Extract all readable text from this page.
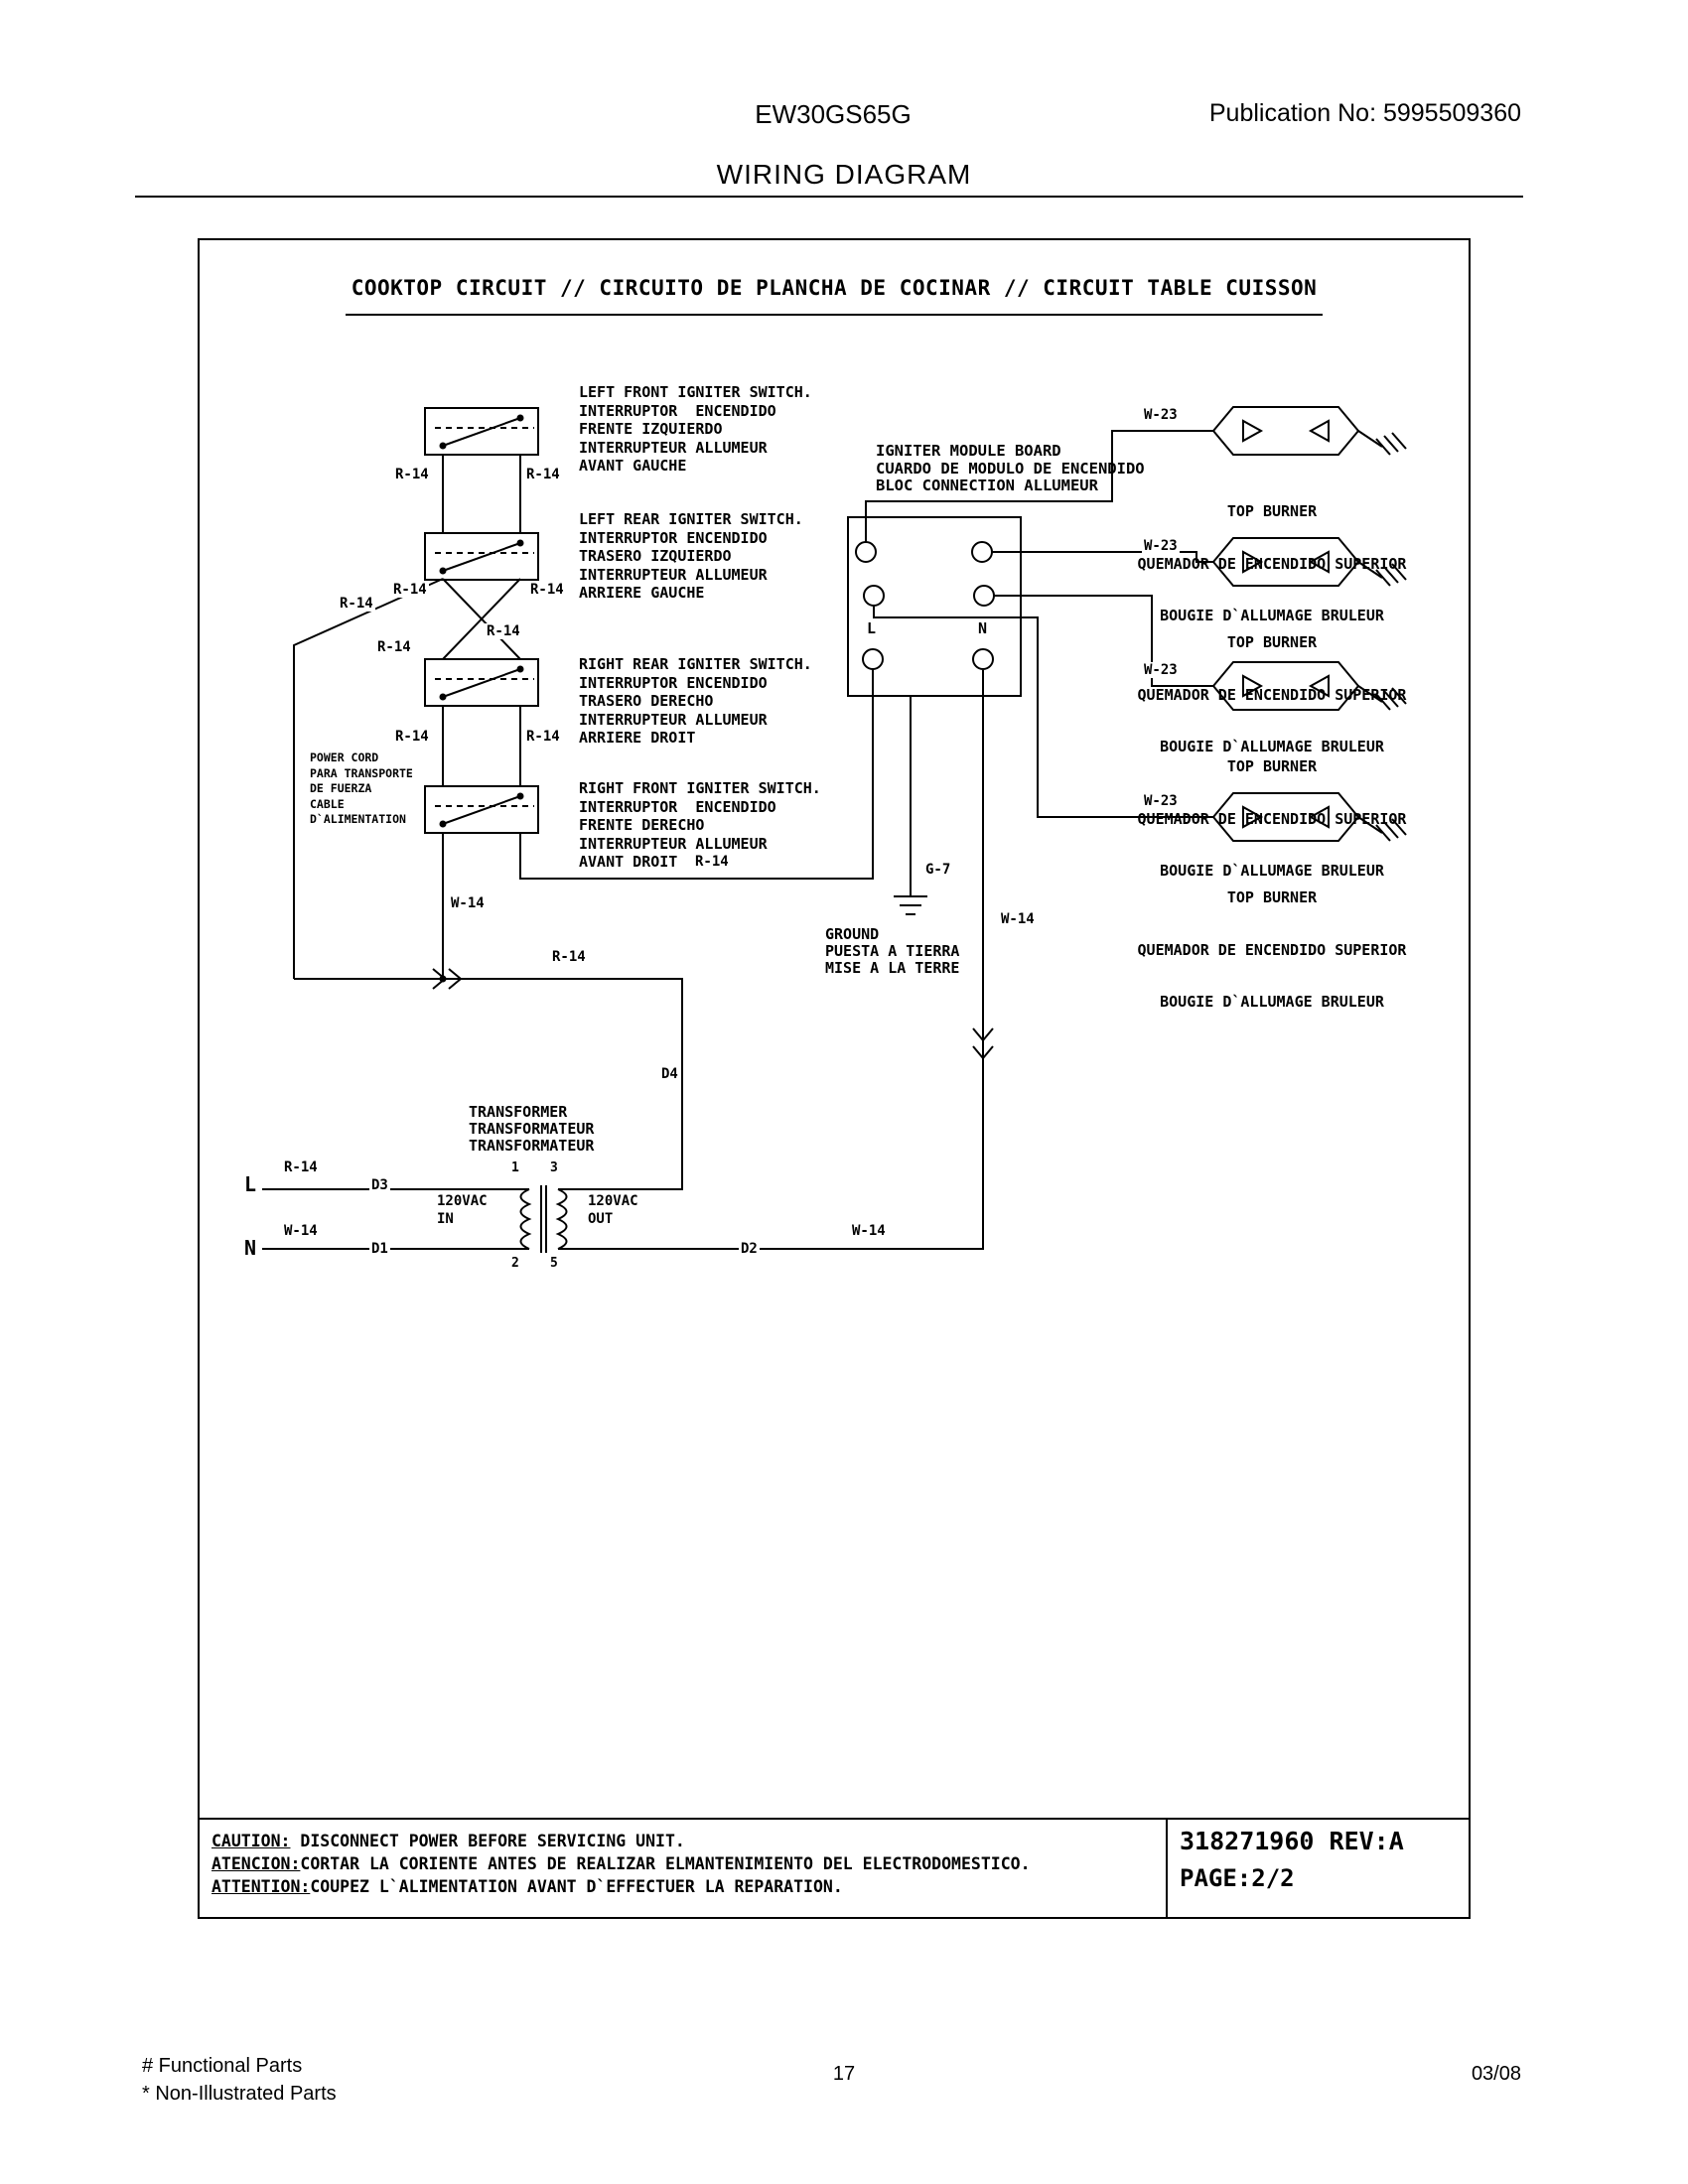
EW30GS65G	Publication No: 5995509360
WIRING DIAGRAM
COOKTOP CIRCUIT // CIRCUITO DE PLANCHA DE COCINAR // CIRCUIT TABLE CUISSON
LEFT FRONT IGNITER SWITCH.
INTERRUPTOR  ENCENDIDO
FRENTE IZQUIERDO
INTERRUPTEUR ALLUMEUR
AVANT GAUCHE
LEFT REAR IGNITER SWITCH.
INTERRUPTOR ENCENDIDO
TRASERO IZQUIERDO
INTERRUPTEUR ALLUMEUR
ARRIERE GAUCHE
RIGHT REAR IGNITER SWITCH.
INTERRUPTOR ENCENDIDO
TRASERO DERECHO
INTERRUPTEUR ALLUMEUR
ARRIERE DROIT
RIGHT FRONT IGNITER SWITCH.
INTERRUPTOR  ENCENDIDO
FRENTE DERECHO
INTERRUPTEUR ALLUMEUR
AVANT DROIT
POWER CORD
PARA TRANSPORTE
DE FUERZA
CABLE
D`ALIMENTATION
IGNITER MODULE BOARD
CUARDO DE MODULO DE ENCENDIDO
BLOC CONNECTION ALLUMEUR
L	N
W-23
W-23
W-23
W-23

TOP BURNER

QUEMADOR DE ENCENDIDO SUPERIOR

BOUGIE D`ALLUMAGE BRULEUR

TOP BURNER

QUEMADOR DE ENCENDIDO SUPERIOR

BOUGIE D`ALLUMAGE BRULEUR

TOP BURNER

QUEMADOR DE ENCENDIDO SUPERIOR

BOUGIE D`ALLUMAGE BRULEUR

TOP BURNER

QUEMADOR DE ENCENDIDO SUPERIOR

BOUGIE D`ALLUMAGE BRULEUR

G-7
GROUND
PUESTA A TIERRA
MISE A LA TERRE
R-14	R-14
R-14	R-14
R-14
R-14
R-14
R-14	R-14
R-14
R-14
R-14
W-14
W-14
W-14	W-14
D4
D3
D1	D2
TRANSFORMER
TRANSFORMATEUR
TRANSFORMATEUR
L
N
1 3
2 5
120VAC
IN
120VAC
OUT
CAUTION: DISCONNECT POWER BEFORE SERVICING UNIT.
ATENCION:CORTAR LA CORIENTE ANTES DE REALIZAR ELMANTENIMIENTO DEL ELECTRODOMESTICO.
ATTENTION:COUPEZ L`ALIMENTATION AVANT D`EFFECTUER LA REPARATION.
318271960 REV:A
PAGE:2/2
# Functional Parts
* Non-Illustrated Parts
17	03/08
